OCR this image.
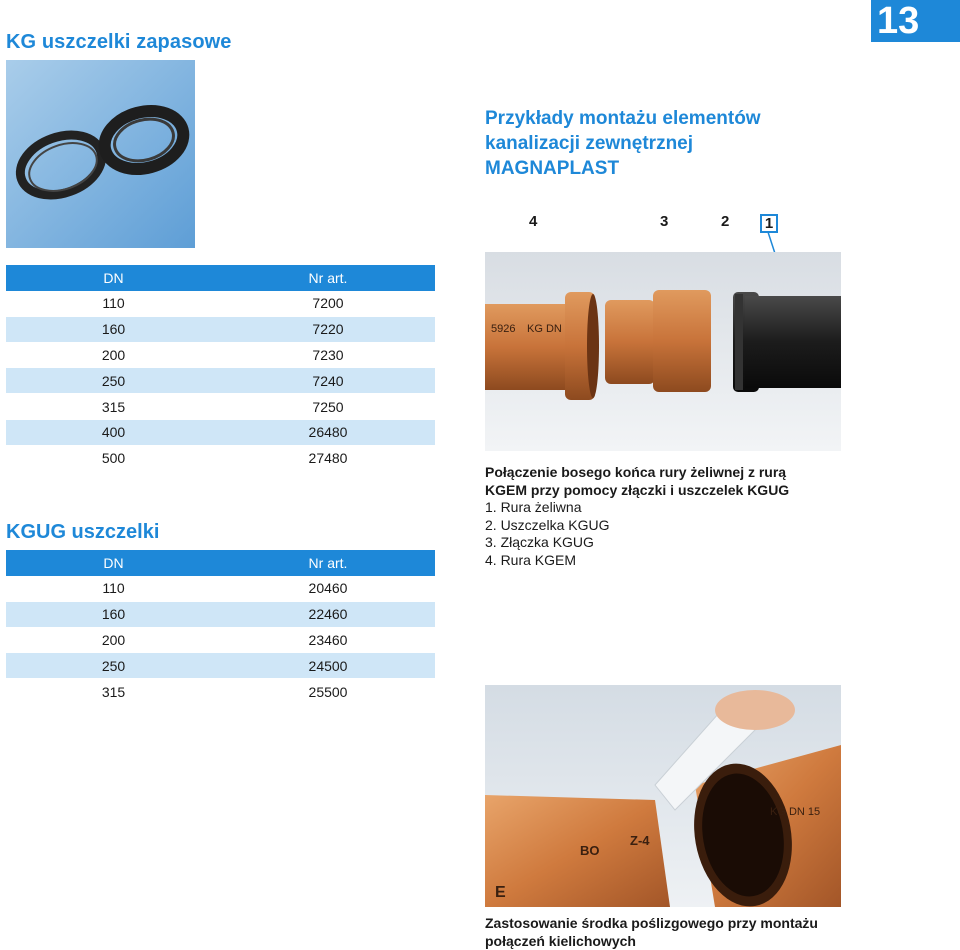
KG uszczelki zapasowe	13
Przykłady montażu elementów
kanalizacji zewnętrznej
MAGNAPLAST
4	3	2	1
DN	Nr art.
110	7200
160	7220
200	7230
250	7240
315	7250
400	26480
500	27480
KGUG uszczelki
DN	Nr art.
110	20460
160	22460
200	23460
250	24500
315	25500
5926 KG DN
Połączenie bosego końca rury żeliwnej z rurą
KGEM przy pomocy złączki i uszczelek KGUG
1. Rura żeliwna
2. Uszczelka KGUG
3. Złączka KGUG
4. Rura KGEM
BO
Z-4
KG DN 15
E
Zastosowanie środka poślizgowego przy montażu
połączeń kielichowych
